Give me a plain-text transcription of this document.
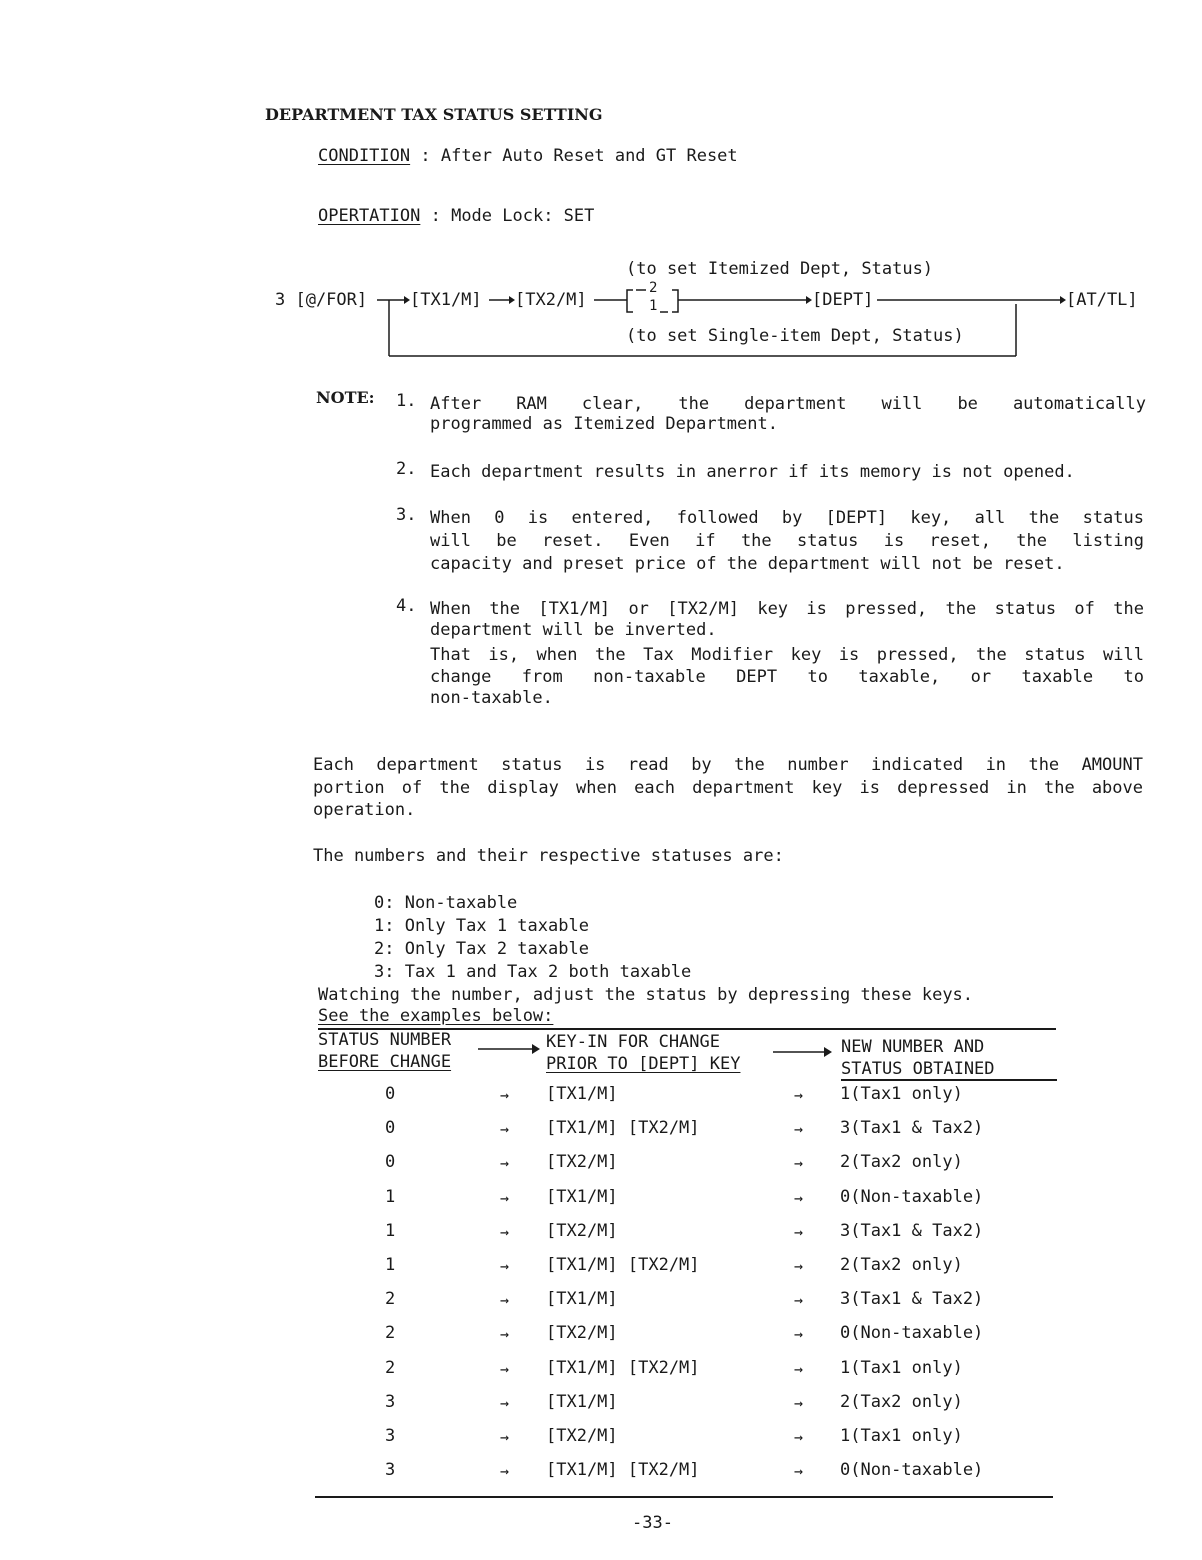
DEPARTMENT TAX STATUS SETTING
CONDITION : After Auto Reset and GT Reset
OPERTATION : Mode Lock: SET
(to set Itemized Dept, Status)
3 [@/FOR]	[TX1/M] [TX2/M]
2
1	[DEPT]	[AT/TL]
(to set Single-item Dept, Status)
NOTE: 1. After RAM clear, the department will be automatically
programmed as Itemized Department.
2. Each department results in anerror if its memory is not opened.
3. When 0 is entered, followed by [DEPT] key, all the status
will be reset. Even if the status is reset, the listing
capacity and preset price of the department will not be reset.
4. When the [TX1/M] or [TX2/M] key is pressed, the status of the
department will be inverted.
That is, when the Tax Modifier key is pressed, the status will
change from non-taxable DEPT to taxable, or taxable to
non-taxable.
Each department status is read by the number indicated in the AMOUNT
portion of the display when each department key is depressed in the above
operation.
The numbers and their respective statuses are:
0: Non-taxable
1: Only Tax 1 taxable
2: Only Tax 2 taxable
3: Tax 1 and Tax 2 both taxable
Watching the number, adjust the status by depressing these keys.
See the examples below:
STATUS NUMBER
BEFORE CHANGE
KEY-IN FOR CHANGE
PRIOR TO [DEPT] KEY
NEW NUMBER AND
STATUS OBTAINED
0	→ [TX1/M]	→ 1(Tax1 only)
0	→ [TX1/M] [TX2/M]	→ 3(Tax1 & Tax2)
0	→ [TX2/M]	→ 2(Tax2 only)
1	→ [TX1/M]	→ 0(Non-taxable)
1	→ [TX2/M]	→ 3(Tax1 & Tax2)
1	→ [TX1/M] [TX2/M]	→ 2(Tax2 only)
2	→ [TX1/M]	→ 3(Tax1 & Tax2)
2	→ [TX2/M]	→ 0(Non-taxable)
2	→ [TX1/M] [TX2/M]	→ 1(Tax1 only)
3	→ [TX1/M]	→ 2(Tax2 only)
3	→ [TX2/M]	→ 1(Tax1 only)
3	→ [TX1/M] [TX2/M]	→ 0(Non-taxable)
-33-
